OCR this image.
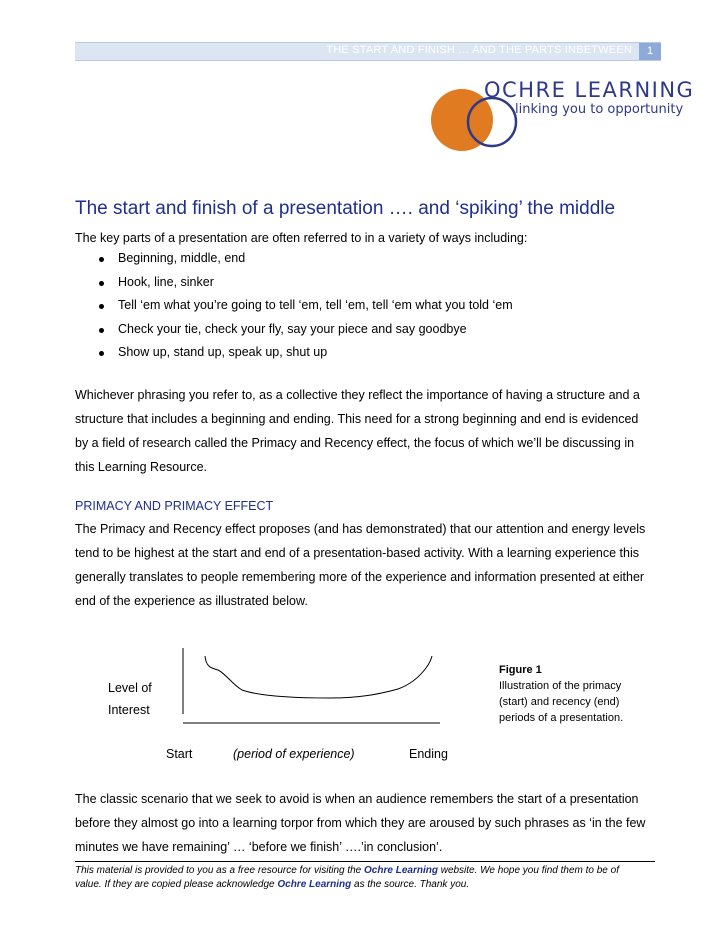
THE START AND FINISH … AND THE PARTS INBETWEEN	1
OCHRE LEARNING
linking you to opportunity
The start and finish of a presentation …. and ‘spiking’ the middle

The key parts of a presentation are often referred to in a variety of ways including:

Beginning, middle, end
Hook, line, sinker
Tell ‘em what you’re going to tell ‘em, tell ‘em, tell ‘em what you told ‘em
Check your tie, check your fly, say your piece and say goodbye
Show up, stand up, speak up, shut up
Whichever phrasing you refer to, as a collective they reflect the importance of having a structure and a
structure that includes a beginning and ending. This need for a strong beginning and end is evidenced
by a field of research called the Primacy and Recency effect, the focus of which we’ll be discussing in
this Learning Resource.
PRIMACY AND PRIMACY EFFECT
The Primacy and Recency effect proposes (and has demonstrated) that our attention and energy levels
tend to be highest at the start and end of a presentation-based activity. With a learning experience this
generally translates to people remembering more of the experience and information presented at either
end of the experience as illustrated below.
Level of
Interest
Start	(period of experience)	Ending
Figure 1
Illustration of the primacy
(start) and recency (end)
periods of a presentation.
The classic scenario that we seek to avoid is when an audience remembers the start of a presentation
before they almost go into a learning torpor from which they are aroused by such phrases as ‘in the few
minutes we have remaining’ … ‘before we finish’ ….’in conclusion’.
This material is provided to you as a free resource for visiting the Ochre Learning website. We hope you find them to be of
value. If they are copied please acknowledge Ochre Learning as the source. Thank you.
